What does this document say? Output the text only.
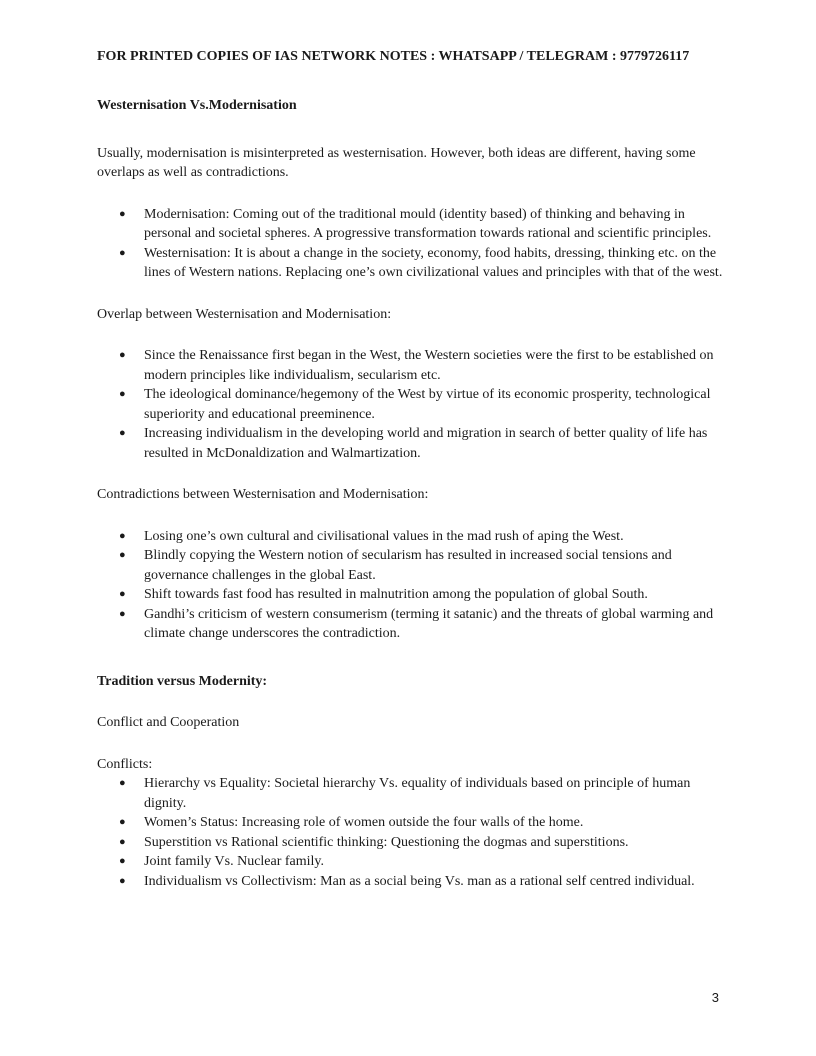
FOR PRINTED COPIES OF IAS NETWORK NOTES : WHATSAPP / TELEGRAM : 9779726117

Westernisation Vs.Modernisation

Usually, modernisation is misinterpreted as westernisation. However, both ideas are different, having some overlaps as well as contradictions.

● Modernisation: Coming out of the traditional mould (identity based) of thinking and behaving in personal and societal spheres. A progressive transformation towards rational and scientific principles.
● Westernisation: It is about a change in the society, economy, food habits, dressing, thinking etc. on the lines of Western nations. Replacing one’s own civilizational values and principles with that of the west.

Overlap between Westernisation and Modernisation:

● Since the Renaissance first began in the West, the Western societies were the first to be established on modern principles like individualism, secularism etc.
● The ideological dominance/hegemony of the West by virtue of its economic prosperity, technological superiority and educational preeminence.
● Increasing individualism in the developing world and migration in search of better quality of life has resulted in McDonaldization and Walmartization.

Contradictions between Westernisation and Modernisation:

● Losing one’s own cultural and civilisational values in the mad rush of aping the West.
● Blindly copying the Western notion of secularism has resulted in increased social tensions and governance challenges in the global East.
● Shift towards fast food has resulted in malnutrition among the population of global South.
● Gandhi’s criticism of western consumerism (terming it satanic) and the threats of global warming and climate change underscores the contradiction.

Tradition versus Modernity:

Conflict and Cooperation

Conflicts:

● Hierarchy vs Equality: Societal hierarchy Vs. equality of individuals based on principle of human dignity.
● Women’s Status: Increasing role of women outside the four walls of the home.
● Superstition vs Rational scientific thinking: Questioning the dogmas and superstitions.
● Joint family Vs. Nuclear family.
● Individualism vs Collectivism: Man as a social being Vs. man as a rational self centred individual.
3
